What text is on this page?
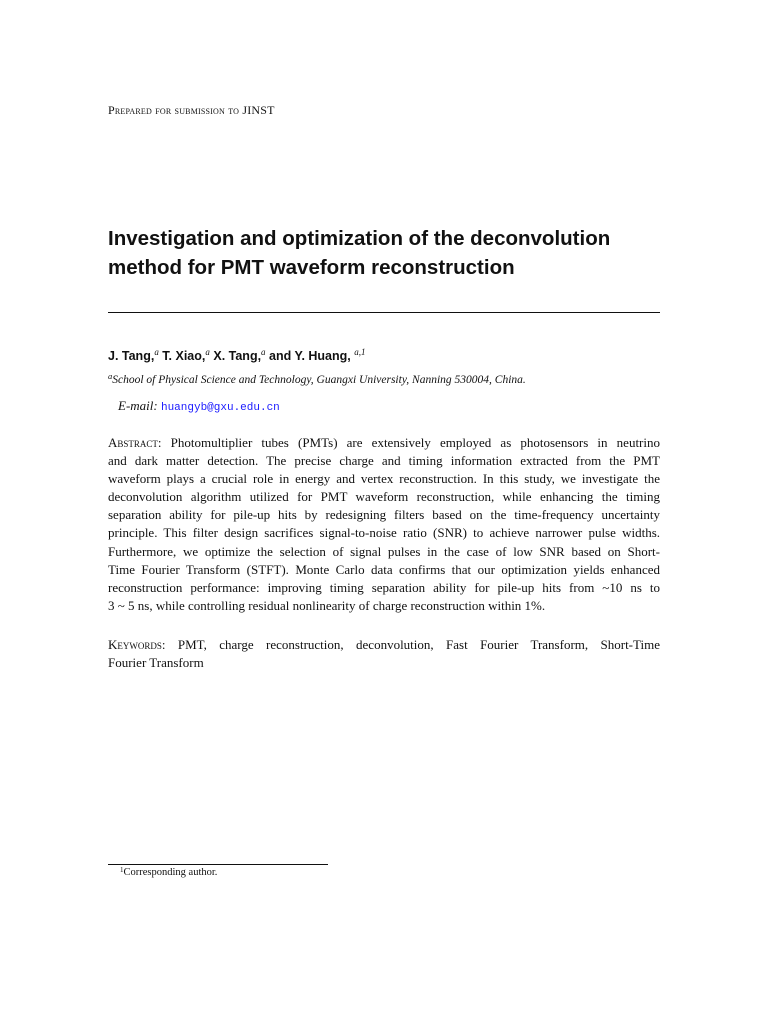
Prepared for submission to JINST
Investigation and optimization of the deconvolution
method for PMT waveform reconstruction
J. Tang,$^a$ T. Xiao,$^a$ X. Tang,$^a$ and Y. Huang, $^{a,1}$
$^a$School of Physical Science and Technology, Guangxi University, Nanning 530004, China.
E-mail: huangyb@gxu.edu.cn
Abstract: Photomultiplier tubes (PMTs) are extensively employed as photosensors in neutrino
and dark matter detection. The precise charge and timing information extracted from the PMT
waveform plays a crucial role in energy and vertex reconstruction. In this study, we investigate the
deconvolution algorithm utilized for PMT waveform reconstruction, while enhancing the timing
separation ability for pile-up hits by redesigning filters based on the time-frequency uncertainty
principle. This filter design sacrifices signal-to-noise ratio (SNR) to achieve narrower pulse widths.
Furthermore, we optimize the selection of signal pulses in the case of low SNR based on Short-
Time Fourier Transform (STFT). Monte Carlo data confirms that our optimization yields enhanced
reconstruction performance: improving timing separation ability for pile-up hits from ~10 ns to
3 ~ 5 ns, while controlling residual nonlinearity of charge reconstruction within 1%.
Keywords: PMT, charge reconstruction, deconvolution, Fast Fourier Transform, Short-Time
Fourier Transform
$^1$Corresponding author.
